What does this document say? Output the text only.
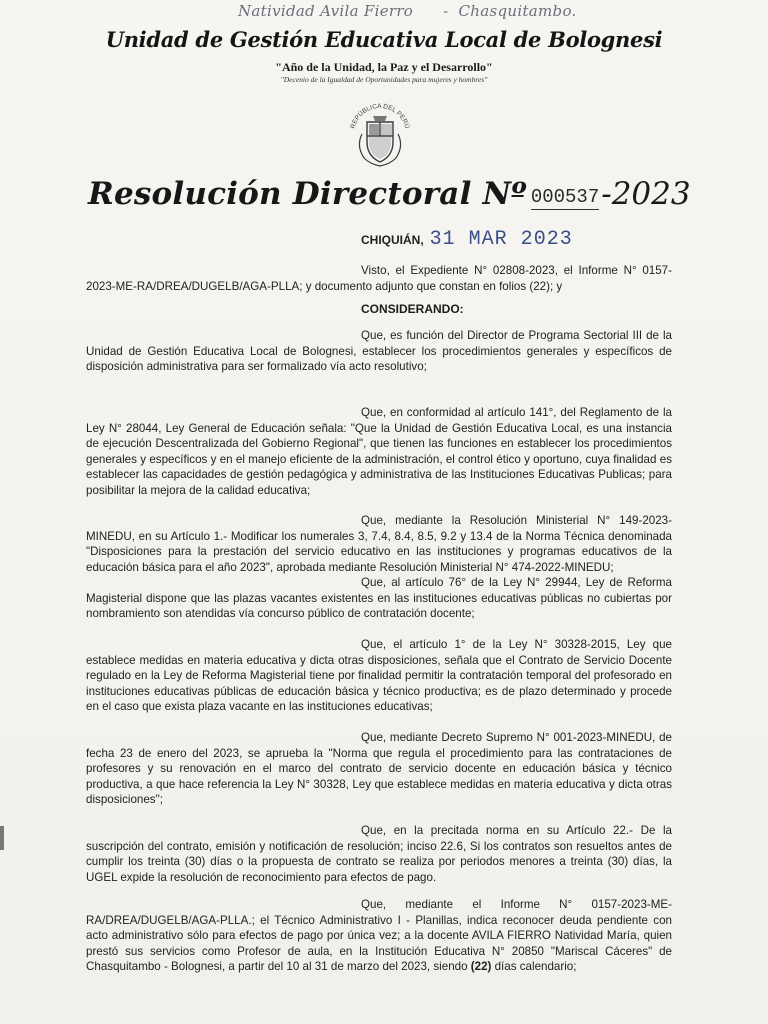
Natividad Avila Fierro - Chasquitambo.
Unidad de Gestión Educativa Local de Bolognesi
"Año de la Unidad, la Paz y el Desarrollo"
"Decenio de la Igualdad de Oportunidades para mujeres y hombres"
REPÚBLICA DEL PERÚ
Resolución Directoral Nº 000537-2023
CHIQUIÁN, 31 MAR 2023

Visto, el Expediente N° 02808-2023, el Informe N° 0157-2023-ME-RA/DREA/DUGELB/AGA-PLLA; y documento adjunto que constan en folios (22); y

CONSIDERANDO:

Que, es función del Director de Programa Sectorial III de la Unidad de Gestión Educativa Local de Bolognesi, establecer los procedimientos generales y específicos de disposición administrativa para ser formalizado vía acto resolutivo;

Que, en conformidad al artículo 141°, del Reglamento de la Ley N° 28044, Ley General de Educación señala: "Que la Unidad de Gestión Educativa Local, es una instancia de ejecución Descentralizada del Gobierno Regional", que tienen las funciones en establecer los procedimientos generales y específicos y en el manejo eficiente de la administración, el control ético y oportuno, cuya finalidad es establecer las capacidades de gestión pedagógica y administrativa de las Instituciones Educativas Publicas; para posibilitar la mejora de la calidad educativa;

Que, mediante la Resolución Ministerial N° 149-2023-MINEDU, en su Artículo 1.- Modificar los numerales 3, 7.4, 8.4, 8.5, 9.2 y 13.4 de la Norma Técnica denominada "Disposiciones para la prestación del servicio educativo en las instituciones y programas educativos de la educación básica para el año 2023", aprobada mediante Resolución Ministerial N° 474-2022-MINEDU;

Que, al artículo 76° de la Ley N° 29944, Ley de Reforma Magisterial dispone que las plazas vacantes existentes en las instituciones educativas públicas no cubiertas por nombramiento son atendidas vía concurso público de contratación docente;

Que, el artículo 1° de la Ley N° 30328-2015, Ley que establece medidas en materia educativa y dicta otras disposiciones, señala que el Contrato de Servicio Docente regulado en la Ley de Reforma Magisterial tiene por finalidad permitir la contratación temporal del profesorado en instituciones educativas públicas de educación básica y técnico productiva; es de plazo determinado y procede en el caso que exista plaza vacante en las instituciones educativas;

Que, mediante Decreto Supremo N° 001-2023-MINEDU, de fecha 23 de enero del 2023, se aprueba la "Norma que regula el procedimiento para las contrataciones de profesores y su renovación en el marco del contrato de servicio docente en educación básica y técnico productiva, a que hace referencia la Ley N° 30328, Ley que establece medidas en materia educativa y dicta otras disposiciones";

Que, en la precitada norma en su Artículo 22.- De la suscripción del contrato, emisión y notificación de resolución; inciso 22.6, Si los contratos son resueltos antes de cumplir los treinta (30) días o la propuesta de contrato se realiza por periodos menores a treinta (30) días, la UGEL expide la resolución de reconocimiento para efectos de pago.

Que, mediante el Informe N° 0157-2023-ME-RA/DREA/DUGELB/AGA-PLLA.; el Técnico Administrativo I - Planillas, indica reconocer deuda pendiente con acto administrativo sólo para efectos de pago por única vez; a la docente AVILA FIERRO Natividad María, quien prestó sus servicios como Profesor de aula, en la Institución Educativa N° 20850 "Mariscal Cáceres" de Chasquitambo - Bolognesi, a partir del 10 al 31 de marzo del 2023, siendo (22) días calendario;
